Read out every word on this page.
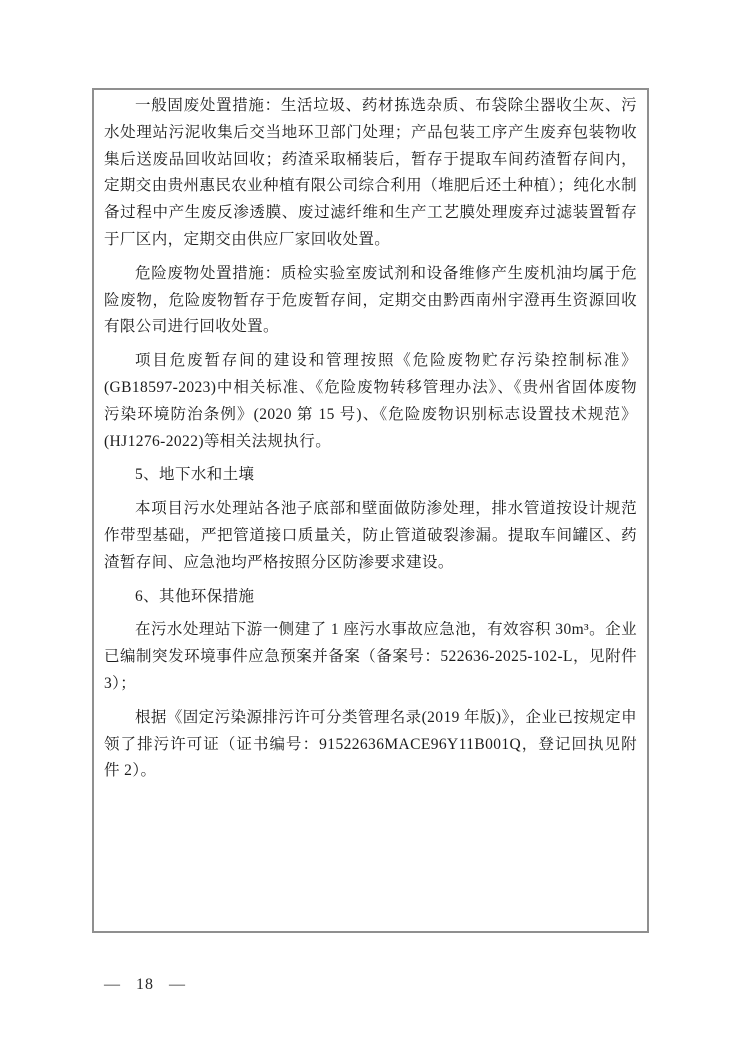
一般固废处置措施：生活垃圾、药材拣选杂质、布袋除尘器收尘灰、污水处理站污泥收集后交当地环卫部门处理；产品包装工序产生废弃包装物收集后送废品回收站回收；药渣采取桶装后，暂存于提取车间药渣暂存间内，定期交由贵州惠民农业种植有限公司综合利用（堆肥后还土种植）；纯化水制备过程中产生废反渗透膜、废过滤纤维和生产工艺膜处理废弃过滤装置暂存于厂区内，定期交由供应厂家回收处置。
危险废物处置措施：质检实验室废试剂和设备维修产生废机油均属于危险废物，危险废物暂存于危废暂存间，定期交由黔西南州宇澄再生资源回收有限公司进行回收处置。
项目危废暂存间的建设和管理按照《危险废物贮存污染控制标准》(GB18597-2023)中相关标准、《危险废物转移管理办法》、《贵州省固体废物污染环境防治条例》(2020 第 15 号)、《危险废物识别标志设置技术规范》(HJ1276-2022)等相关法规执行。
5、地下水和土壤
本项目污水处理站各池子底部和壁面做防渗处理，排水管道按设计规范作带型基础，严把管道接口质量关，防止管道破裂渗漏。提取车间罐区、药渣暂存间、应急池均严格按照分区防渗要求建设。
6、其他环保措施
在污水处理站下游一侧建了 1 座污水事故应急池，有效容积 30m³。企业已编制突发环境事件应急预案并备案（备案号：522636-2025-102-L，见附件 3）；
根据《固定污染源排污许可分类管理名录(2019 年版)》，企业已按规定申领了排污许可证（证书编号：91522636MACE96Y11B001Q，登记回执见附件 2）。
— 18 —
